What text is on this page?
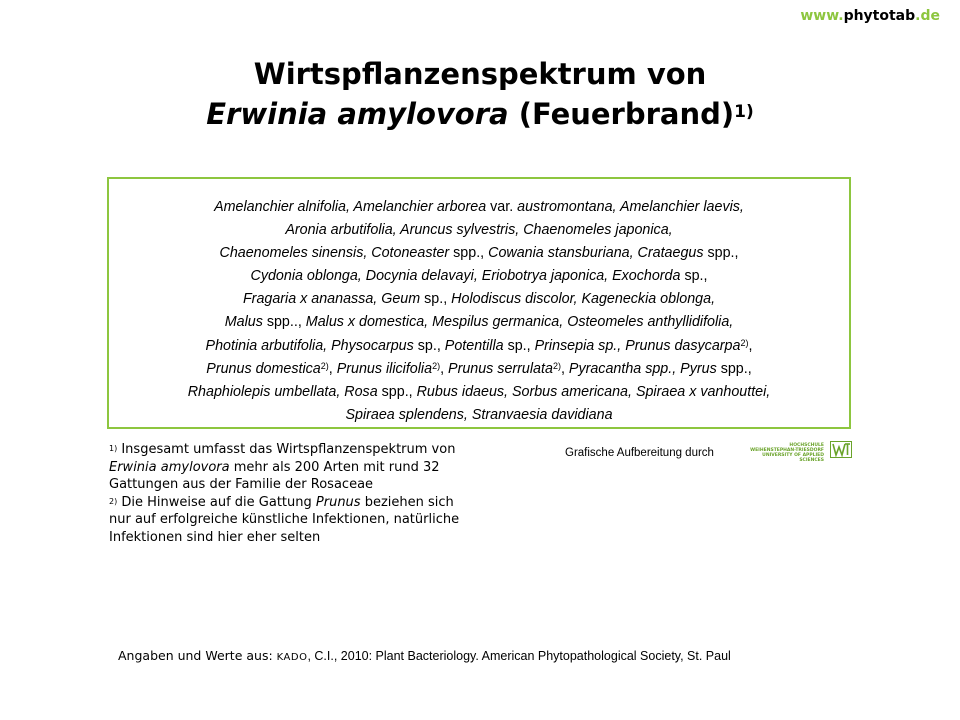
www.phytotab.de
Wirtspflanzenspektrum von
Erwinia amylovora (Feuerbrand)$^{1)}$
Amelanchier alnifolia, Amelanchier arborea var. austromontana, Amelanchier laevis,
Aronia arbutifolia, Aruncus sylvestris, Chaenomeles japonica,
Chaenomeles sinensis, Cotoneaster spp., Cowania stansburiana, Crataegus spp.,
Cydonia oblonga, Docynia delavayi, Eriobotrya japonica, Exochorda sp.,
Fragaria x ananassa, Geum sp., Holodiscus discolor, Kageneckia oblonga,
Malus spp.., Malus x domestica, Mespilus germanica, Osteomeles anthyllidifolia,
Photinia arbutifolia, Physocarpus sp., Potentilla sp., Prinsepia sp., Prunus dasycarpa$^{2)}$,
Prunus domestica$^{2)}$, Prunus ilicifolia$^{2)}$, Prunus serrulata$^{2)}$, Pyracantha spp., Pyrus spp.,
Rhaphiolepis umbellata, Rosa spp., Rubus idaeus, Sorbus americana, Spiraea x vanhouttei,
Spiraea splendens, Stranvaesia davidiana
$^{1)}$ Insgesamt umfasst das Wirtspflanzenspektrum von
Erwinia amylovora mehr als 200 Arten mit rund 32
Gattungen aus der Familie der Rosaceae
$^{2)}$ Die Hinweise auf die Gattung Prunus beziehen sich
nur auf erfolgreiche künstliche Infektionen, natürliche
Infektionen sind hier eher selten
Grafische Aufbereitung durch
HOCHSCHULE
WEIHENSTEPHAN-TRIESDORF
UNIVERSITY OF APPLIED SCIENCES
Angaben und Werte aus: KADO, C.I., 2010: Plant Bacteriology. American Phytopathological Society, St. Paul
